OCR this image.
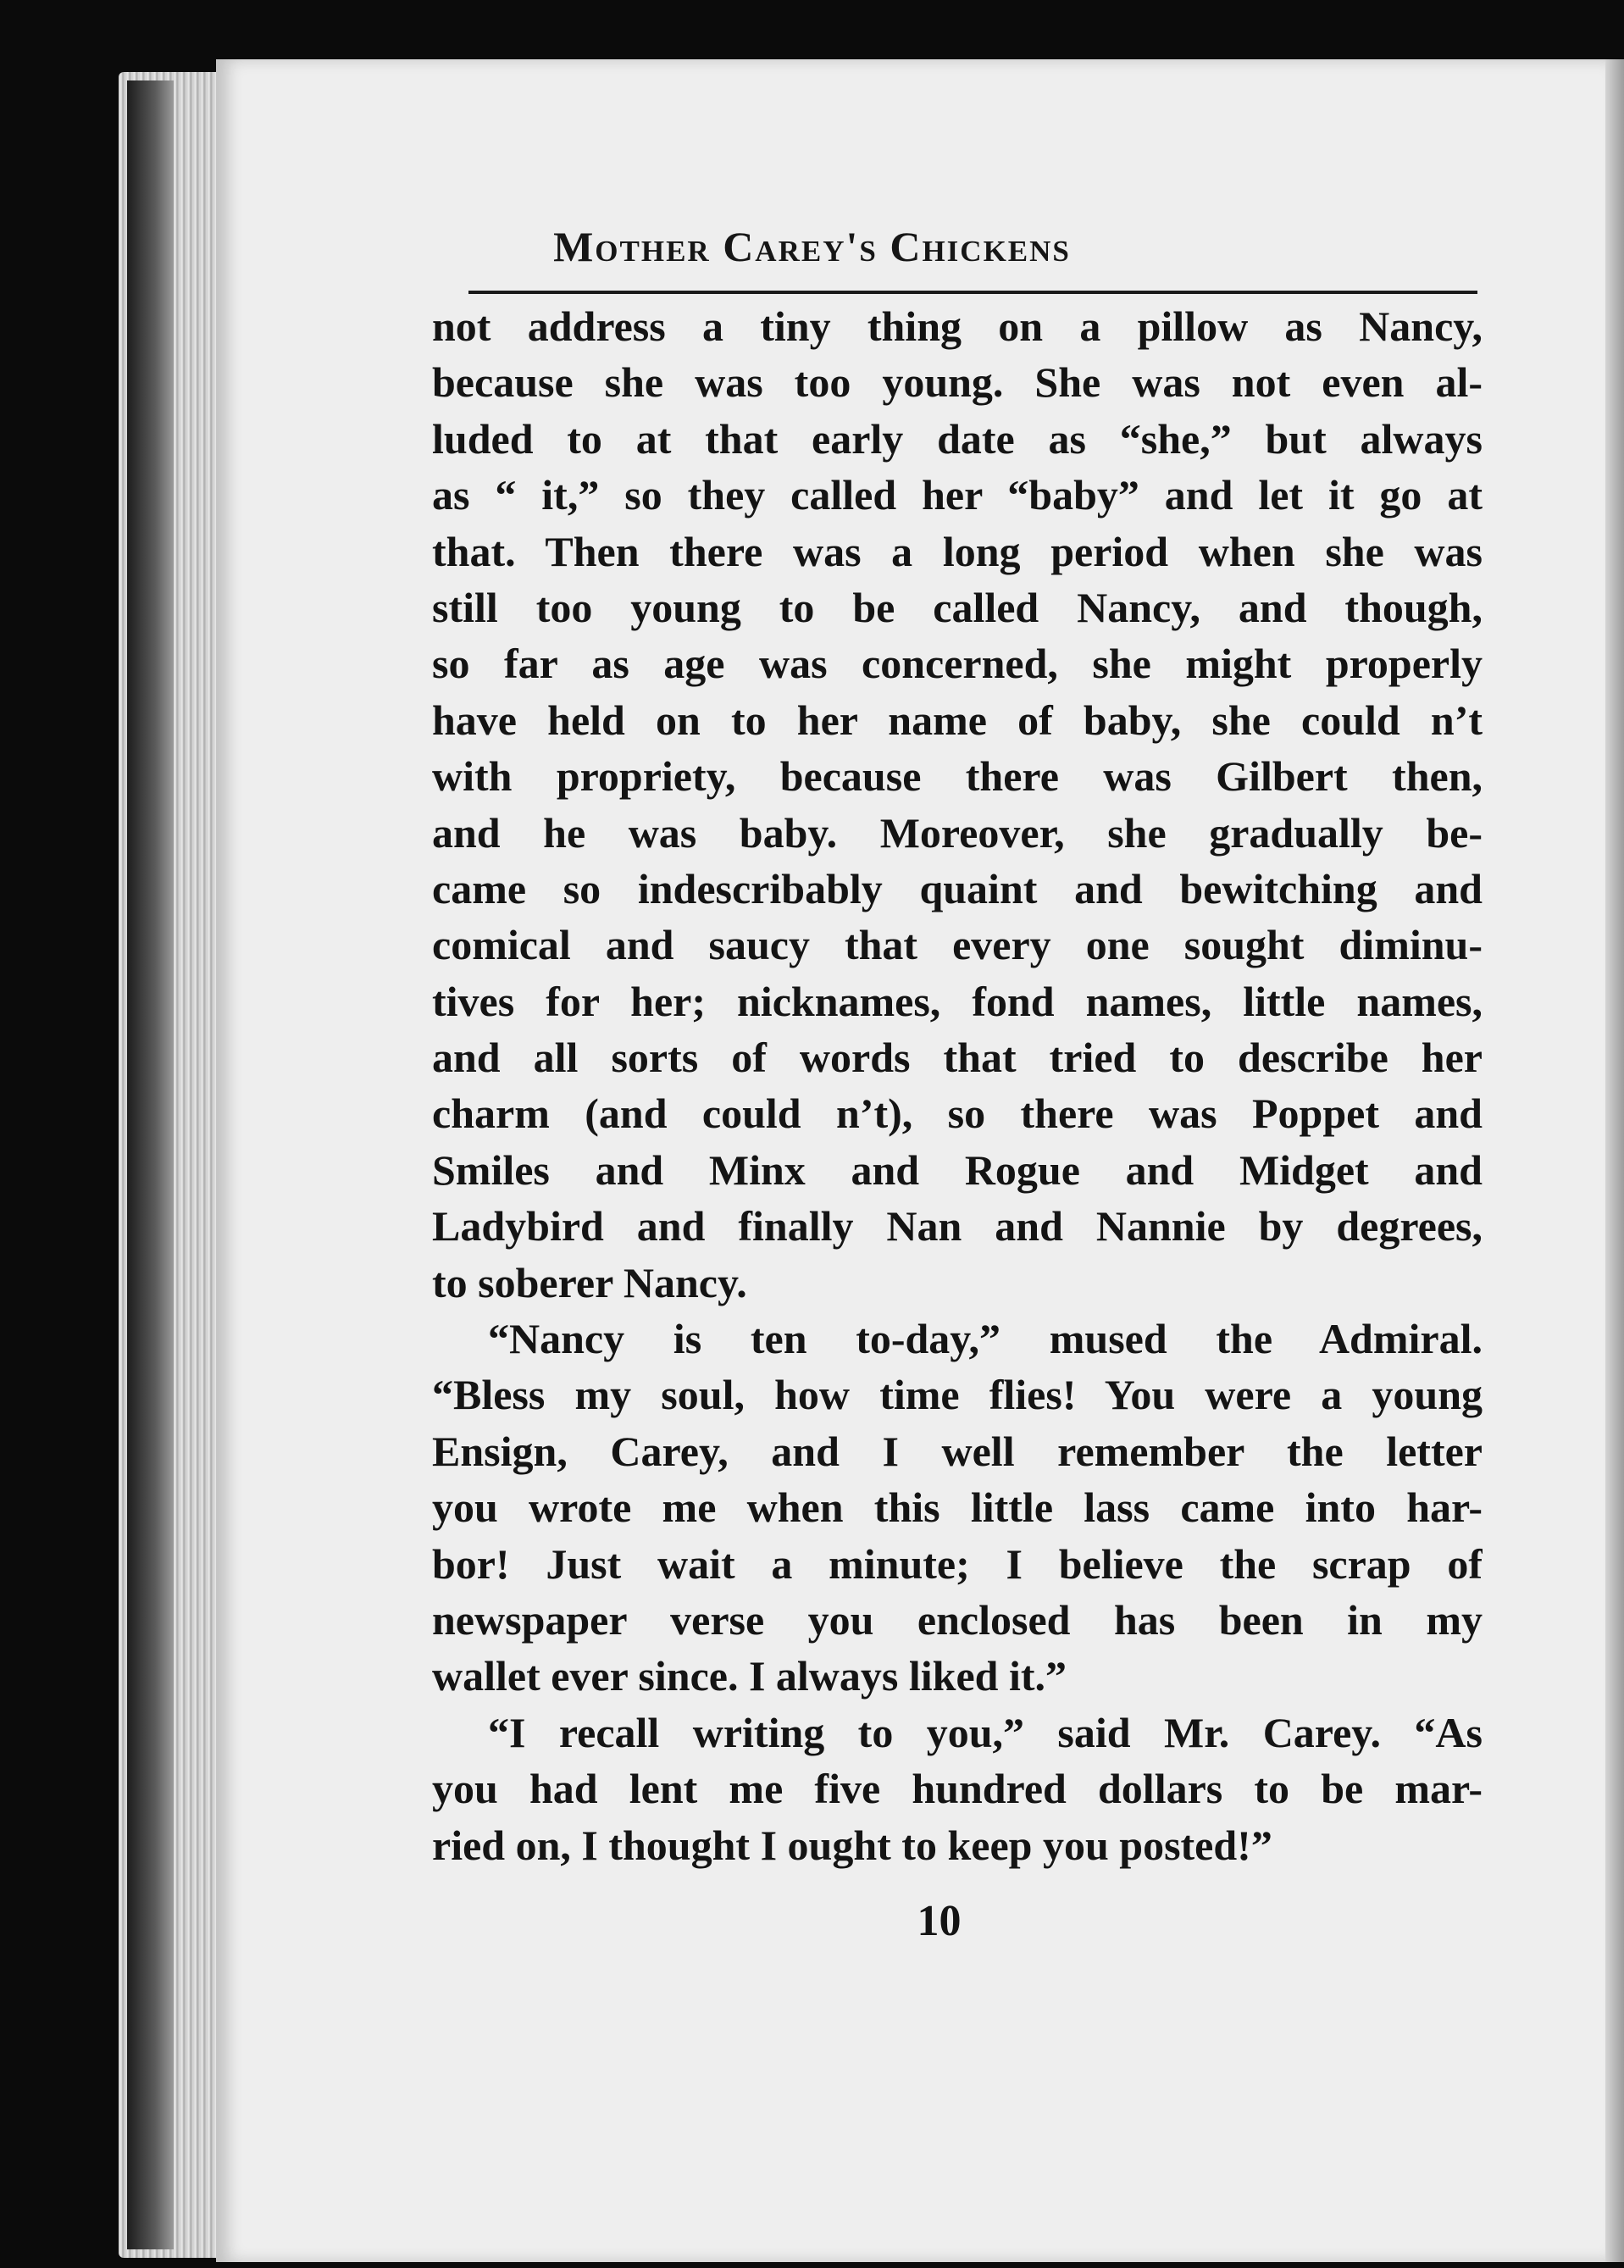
Mother Carey's Chickens
not address a tiny thing on a pillow as Nancy,
because she was too young. She was not even al-
luded to at that early date as “she,” but always
as “ it,” so they called her “baby” and let it go at
that. Then there was a long period when she was
still too young to be called Nancy, and though,
so far as age was concerned, she might properly
have held on to her name of baby, she could n’t
with propriety, because there was Gilbert then,
and he was baby. Moreover, she gradually be-
came so indescribably quaint and bewitching and
comical and saucy that every one sought diminu-
tives for her; nicknames, fond names, little names,
and all sorts of words that tried to describe her
charm (and could n’t), so there was Poppet and
Smiles and Minx and Rogue and Midget and
Ladybird and finally Nan and Nannie by degrees,
to soberer Nancy.
“Nancy is ten to-day,” mused the Admiral.
“Bless my soul, how time flies! You were a young
Ensign, Carey, and I well remember the letter
you wrote me when this little lass came into har-
bor! Just wait a minute; I believe the scrap of
newspaper verse you enclosed has been in my
wallet ever since. I always liked it.”
“I recall writing to you,” said Mr. Carey. “As
you had lent me five hundred dollars to be mar-
ried on, I thought I ought to keep you posted!”
10
